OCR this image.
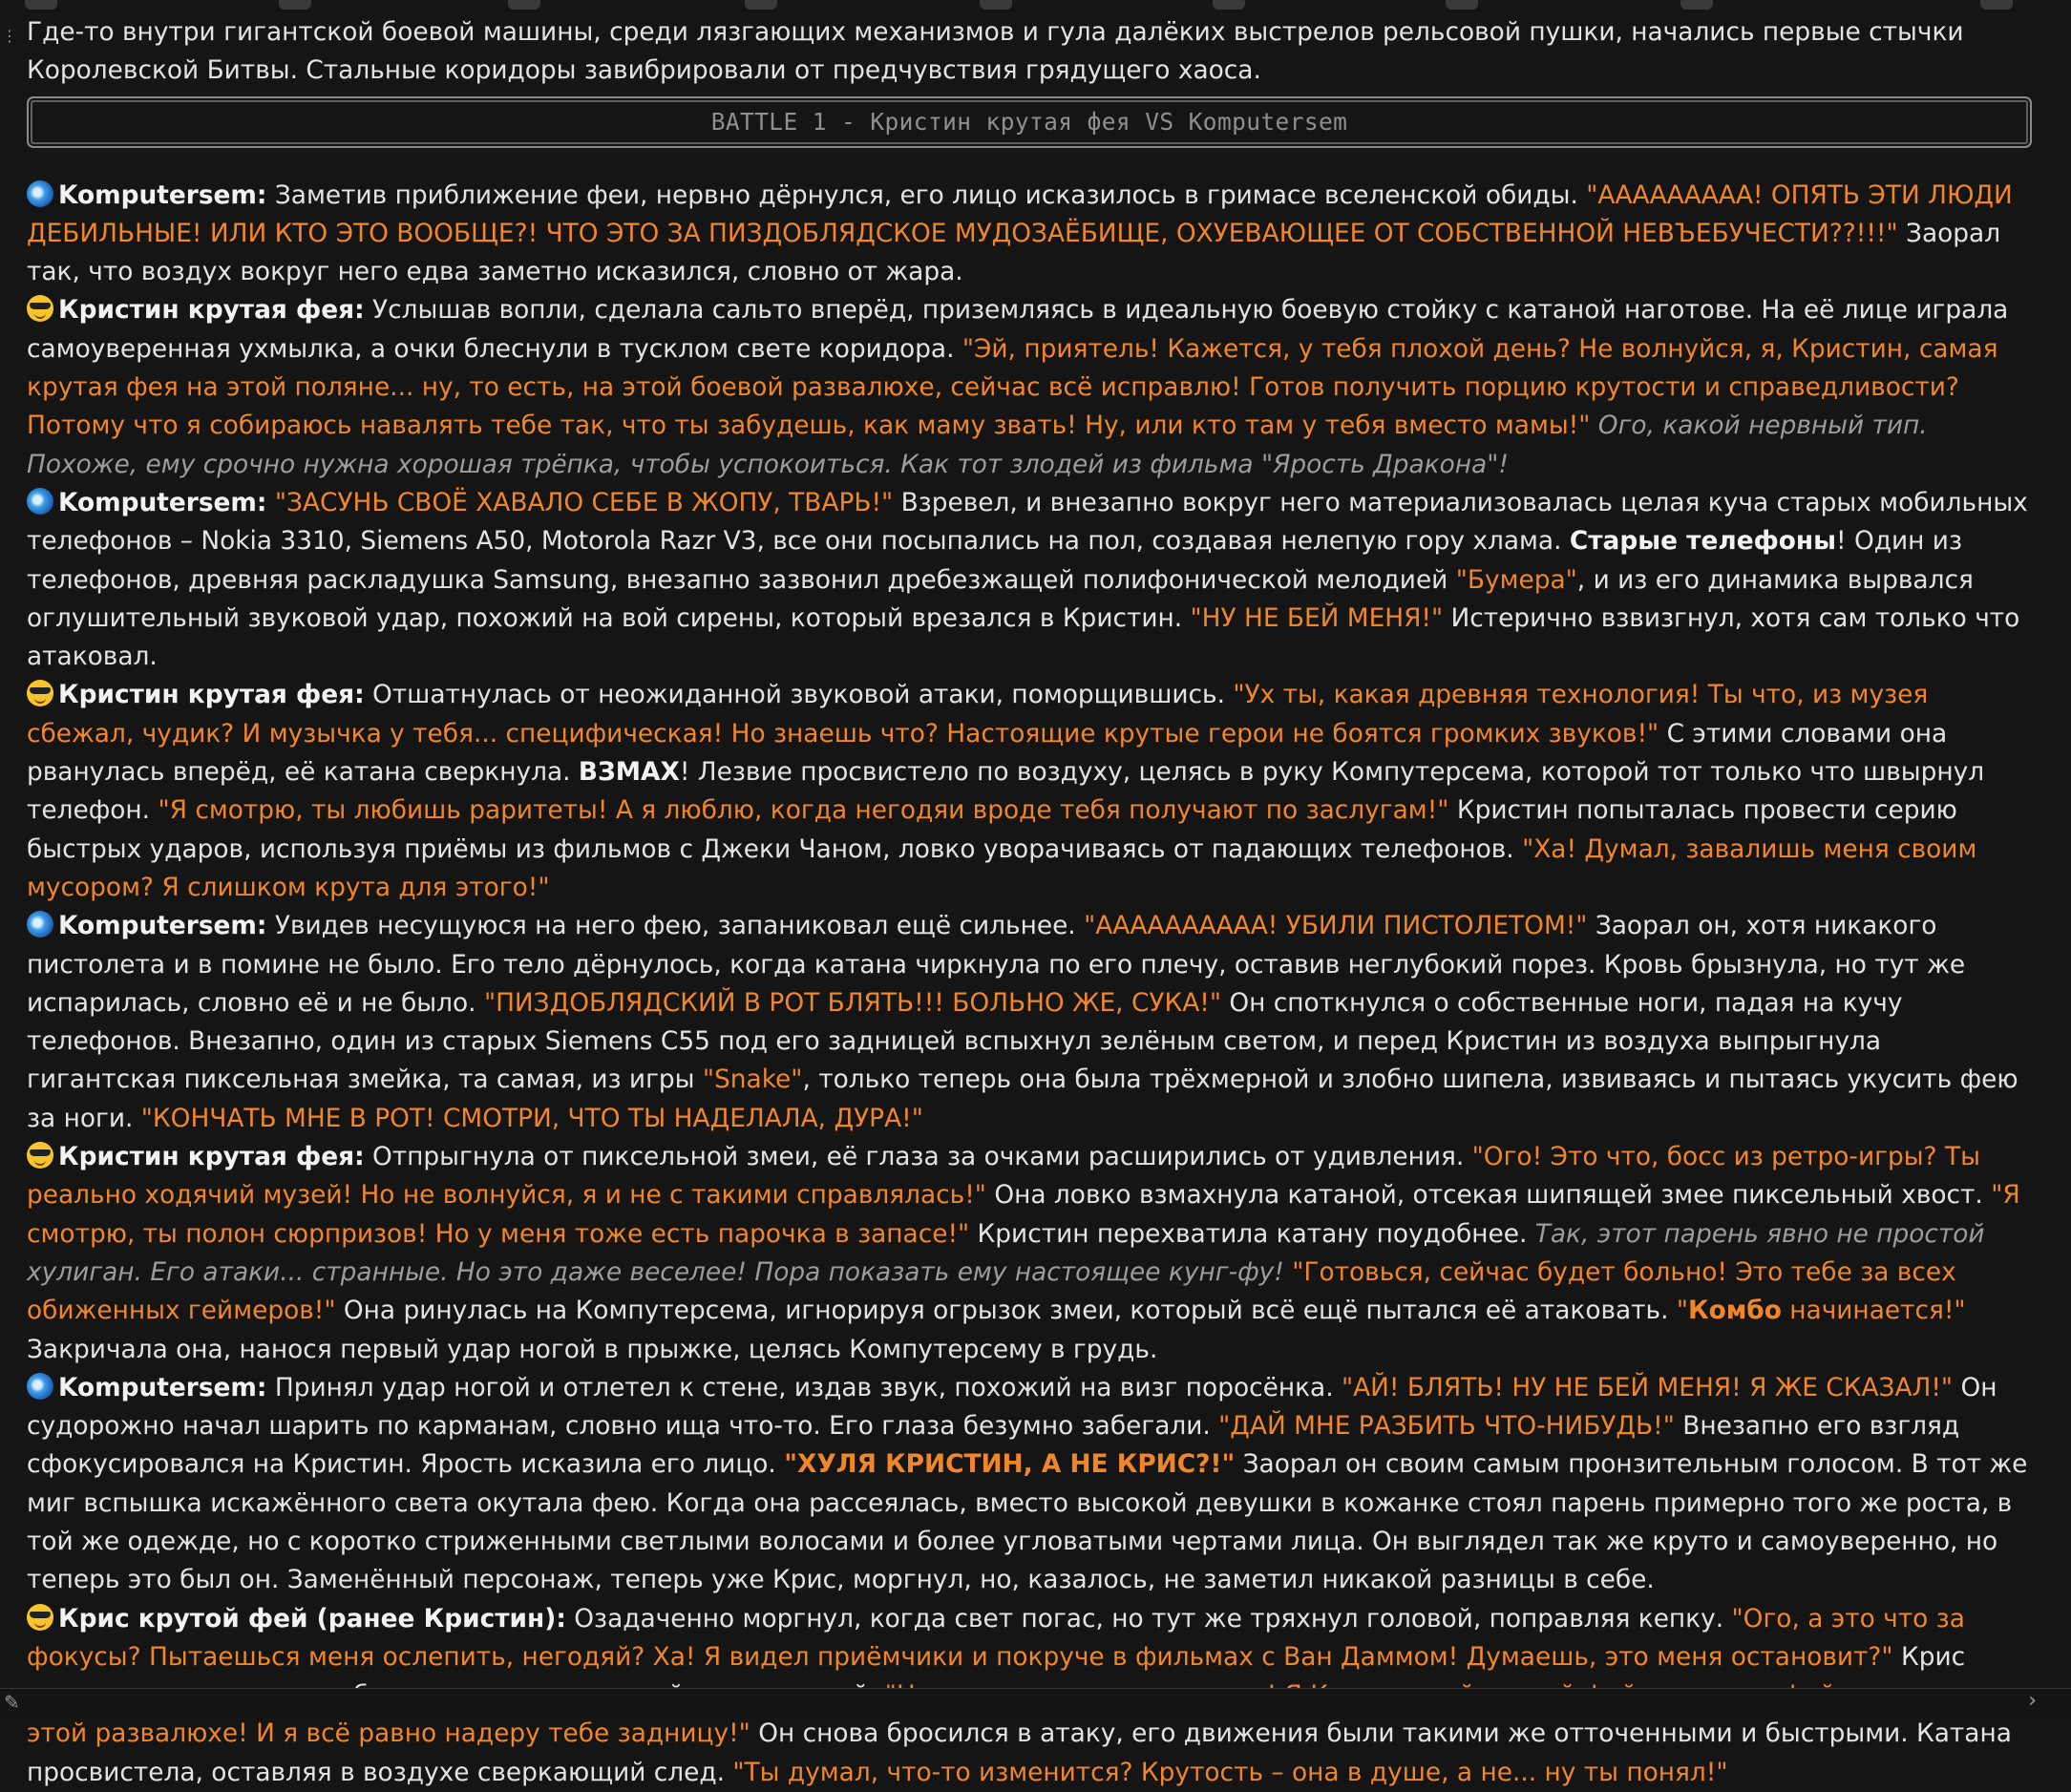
⋮ Где-то внутри гигантской боевой машины, среди лязгающих механизмов и гула далёких выстрелов рельсовой пушки, начались первые стычки Королевской Битвы. Стальные коридоры завибрировали от предчувствия грядущего хаоса.

BATTLE 1 - Кристин крутая фея VS Komputersem

Komputersem: Заметив приближение феи, нервно дёрнулся, его лицо исказилось в гримасе вселенской обиды. "ААААААААА! ОПЯТЬ ЭТИ ЛЮДИ ДЕБИЛЬНЫЕ! ИЛИ КТО ЭТО ВООБЩЕ?! ЧТО ЭТО ЗА ПИЗДОБЛЯДСКОЕ МУДОЗАЁБИЩЕ, ОХУЕВАЮЩЕЕ ОТ СОБСТВЕННОЙ НЕВЪЕБУЧЕСТИ??!!!" Заорал так, что воздух вокруг него едва заметно исказился, словно от жара.

Кристин крутая фея: Услышав вопли, сделала сальто вперёд, приземляясь в идеальную боевую стойку с катаной наготове. На её лице играла самоуверенная ухмылка, а очки блеснули в тусклом свете коридора. "Эй, приятель! Кажется, у тебя плохой день? Не волнуйся, я, Кристин, самая крутая фея на этой поляне... ну, то есть, на этой боевой развалюхе, сейчас всё исправлю! Готов получить порцию крутости и справедливости? Потому что я собираюсь навалять тебе так, что ты забудешь, как маму звать! Ну, или кто там у тебя вместо мамы!" Ого, какой нервный тип. Похоже, ему срочно нужна хорошая трёпка, чтобы успокоиться. Как тот злодей из фильма "Ярость Дракона"!

Komputersem: "ЗАСУНЬ СВОЁ ХАВАЛО СЕБЕ В ЖОПУ, ТВАРЬ!" Взревел, и внезапно вокруг него материализовалась целая куча старых мобильных телефонов – Nokia 3310, Siemens A50, Motorola Razr V3, все они посыпались на пол, создавая нелепую гору хлама. Старые телефоны! Один из телефонов, древняя раскладушка Samsung, внезапно зазвонил дребезжащей полифонической мелодией "Бумера", и из его динамика вырвался оглушительный звуковой удар, похожий на вой сирены, который врезался в Кристин. "НУ НЕ БЕЙ МЕНЯ!" Истерично взвизгнул, хотя сам только что атаковал.

Кристин крутая фея: Отшатнулась от неожиданной звуковой атаки, поморщившись. "Ух ты, какая древняя технология! Ты что, из музея сбежал, чудик? И музычка у тебя... специфическая! Но знаешь что? Настоящие крутые герои не боятся громких звуков!" С этими словами она рванулась вперёд, её катана сверкнула. ВЗМАХ! Лезвие просвистело по воздуху, целясь в руку Компутерсема, которой тот только что швырнул телефон. "Я смотрю, ты любишь раритеты! А я люблю, когда негодяи вроде тебя получают по заслугам!" Кристин попыталась провести серию быстрых ударов, используя приёмы из фильмов с Джеки Чаном, ловко уворачиваясь от падающих телефонов. "Ха! Думал, завалишь меня своим мусором? Я слишком крута для этого!"

Komputersem: Увидев несущуюся на него фею, запаниковал ещё сильнее. "АААААААААА! УБИЛИ ПИСТОЛЕТОМ!" Заорал он, хотя никакого пистолета и в помине не было. Его тело дёрнулось, когда катана чиркнула по его плечу, оставив неглубокий порез. Кровь брызнула, но тут же испарилась, словно её и не было. "ПИЗДОБЛЯДСКИЙ В РОТ БЛЯТЬ!!! БОЛЬНО ЖЕ, СУКА!" Он споткнулся о собственные ноги, падая на кучу телефонов. Внезапно, один из старых Siemens C55 под его задницей вспыхнул зелёным светом, и перед Кристин из воздуха выпрыгнула гигантская пиксельная змейка, та самая, из игры "Snake", только теперь она была трёхмерной и злобно шипела, извиваясь и пытаясь укусить фею за ноги. "КОНЧАТЬ МНЕ В РОТ! СМОТРИ, ЧТО ТЫ НАДЕЛАЛА, ДУРА!"

Кристин крутая фея: Отпрыгнула от пиксельной змеи, её глаза за очками расширились от удивления. "Ого! Это что, босс из ретро-игры? Ты реально ходячий музей! Но не волнуйся, я и не с такими справлялась!" Она ловко взмахнула катаной, отсекая шипящей змее пиксельный хвост. "Я смотрю, ты полон сюрпризов! Но у меня тоже есть парочка в запасе!" Кристин перехватила катану поудобнее. Так, этот парень явно не простой хулиган. Его атаки... странные. Но это даже веселее! Пора показать ему настоящее кунг-фу! "Готовься, сейчас будет больно! Это тебе за всех обиженных геймеров!" Она ринулась на Компутерсема, игнорируя огрызок змеи, который всё ещё пытался её атаковать. "Комбо начинается!" Закричала она, нанося первый удар ногой в прыжке, целясь Компутерсему в грудь.

Komputersem: Принял удар ногой и отлетел к стене, издав звук, похожий на визг поросёнка. "АЙ! БЛЯТЬ! НУ НЕ БЕЙ МЕНЯ! Я ЖЕ СКАЗАЛ!" Он судорожно начал шарить по карманам, словно ища что-то. Его глаза безумно забегали. "ДАЙ МНЕ РАЗБИТЬ ЧТО-НИБУДЬ!" Внезапно его взгляд сфокусировался на Кристин. Ярость исказила его лицо. "ХУЛЯ КРИСТИН, А НЕ КРИС?!" Заорал он своим самым пронзительным голосом. В тот же миг вспышка искажённого света окутала фею. Когда она рассеялась, вместо высокой девушки в кожанке стоял парень примерно того же роста, в той же одежде, но с коротко стриженными светлыми волосами и более угловатыми чертами лица. Он выглядел так же круто и самоуверенно, но теперь это был он. Заменённый персонаж, теперь уже Крис, моргнул, но, казалось, не заметил никакой разницы в себе.

Крис крутой фей (ранее Кристин): Озадаченно моргнул, когда свет погас, но тут же тряхнул головой, поправляя кепку. "Ого, а это что за фокусы? Пытаешься меня ослепить, негодяй? Ха! Я видел приёмчики и покруче в фильмах с Ван Даммом! Думаешь, это меня остановит?" Крис этой развалюхе! И я всё равно надеру тебе задницу!" Он снова бросился в атаку, его движения были такими же отточенными и быстрыми. Катана просвистела, оставляя в воздухе сверкающий след. "Ты думал, что-то изменится? Крутость – она в душе, а не... ну ты понял!"

✎	›
